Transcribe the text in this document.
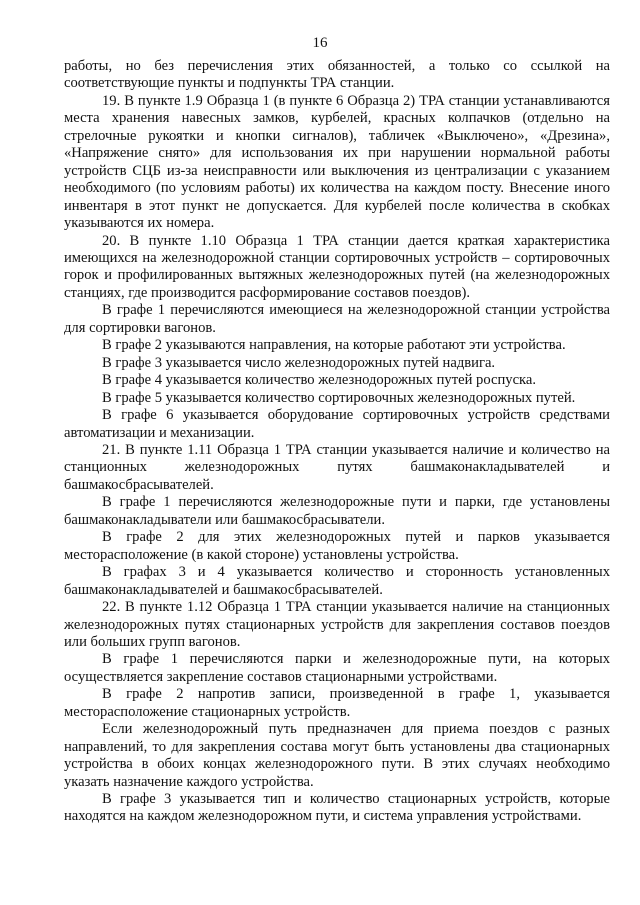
16

работы, но без перечисления этих обязанностей, а только со ссылкой на соответствующие пункты и подпункты ТРА станции.

19. В пункте 1.9 Образца 1 (в пункте 6 Образца 2) ТРА станции устанавливаются места хранения навесных замков, курбелей, красных колпачков (отдельно на стрелочные рукоятки и кнопки сигналов), табличек «Выключено», «Дрезина», «Напряжение снято» для использования их при нарушении нормальной работы устройств СЦБ из-за неисправности или выключения из централизации с указанием необходимого (по условиям работы) их количества на каждом посту. Внесение иного инвентаря в этот пункт не допускается. Для курбелей после количества в скобках указываются их номера.

20. В пункте 1.10 Образца 1 ТРА станции дается краткая характеристика имеющихся на железнодорожной станции сортировочных устройств – сортировочных горок и профилированных вытяжных железнодорожных путей (на железнодорожных станциях, где производится расформирование составов поездов).

В графе 1 перечисляются имеющиеся на железнодорожной станции устройства для сортировки вагонов.

В графе 2 указываются направления, на которые работают эти устройства.

В графе 3 указывается число железнодорожных путей надвига.

В графе 4 указывается количество железнодорожных путей роспуска.

В графе 5 указывается количество сортировочных железнодорожных путей.

В графе 6 указывается оборудование сортировочных устройств средствами автоматизации и механизации.

21. В пункте 1.11 Образца 1 ТРА станции указывается наличие и количество на станционных железнодорожных путях башмаконакладывателей и башмакосбрасывателей.

В графе 1 перечисляются железнодорожные пути и парки, где установлены башмаконакладыватели или башмакосбрасыватели.

В графе 2 для этих железнодорожных путей и парков указывается месторасположение (в какой стороне) установлены устройства.

В графах 3 и 4 указывается количество и сторонность установленных башмаконакладывателей и башмакосбрасывателей.

22. В пункте 1.12 Образца 1 ТРА станции указывается наличие на станционных железнодорожных путях стационарных устройств для закрепления составов поездов или больших групп вагонов.

В графе 1 перечисляются парки и железнодорожные пути, на которых осуществляется закрепление составов стационарными устройствами.

В графе 2 напротив записи, произведенной в графе 1, указывается месторасположение стационарных устройств.

Если железнодорожный путь предназначен для приема поездов с разных направлений, то для закрепления состава могут быть установлены два стационарных устройства в обоих концах железнодорожного пути. В этих случаях необходимо указать назначение каждого устройства.

В графе 3 указывается тип и количество стационарных устройств, которые находятся на каждом железнодорожном пути, и система управления устройствами.
